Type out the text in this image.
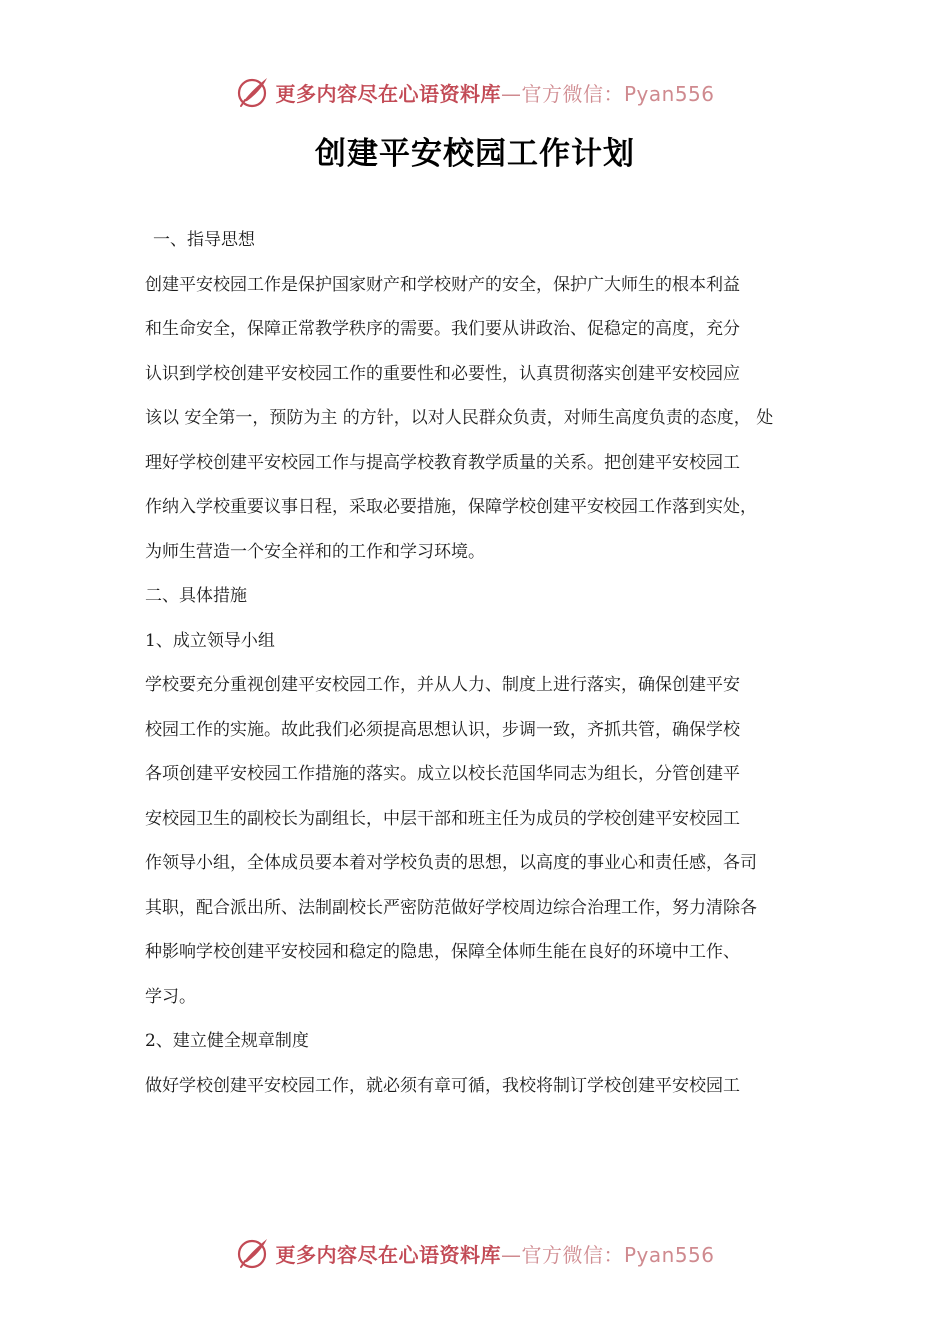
更多内容尽在心语资料库—官方微信：Pyan556
创建平安校园工作计划
一、指导思想
创建平安校园工作是保护国家财产和学校财产的安全，保护广大师生的根本利益
和生命安全，保障正常教学秩序的需要。我们要从讲政治、促稳定的高度，充分
认识到学校创建平安校园工作的重要性和必要性，认真贯彻落实创建平安校园应
该以 安全第一，预防为主 的方针，以对人民群众负责，对师生高度负责的态度， 处
理好学校创建平安校园工作与提高学校教育教学质量的关系。把创建平安校园工
作纳入学校重要议事日程，采取必要措施，保障学校创建平安校园工作落到实处，
为师生营造一个安全祥和的工作和学习环境。
二、具体措施
1、成立领导小组
学校要充分重视创建平安校园工作，并从人力、制度上进行落实，确保创建平安
校园工作的实施。故此我们必须提高思想认识，步调一致，齐抓共管，确保学校
各项创建平安校园工作措施的落实。成立以校长范国华同志为组长，分管创建平
安校园卫生的副校长为副组长，中层干部和班主任为成员的学校创建平安校园工
作领导小组，全体成员要本着对学校负责的思想，以高度的事业心和责任感，各司
其职，配合派出所、法制副校长严密防范做好学校周边综合治理工作，努力清除各
种影响学校创建平安校园和稳定的隐患，保障全体师生能在良好的环境中工作、
学习。
2、建立健全规章制度
做好学校创建平安校园工作，就必须有章可循，我校将制订学校创建平安校园工
更多内容尽在心语资料库—官方微信：Pyan556
